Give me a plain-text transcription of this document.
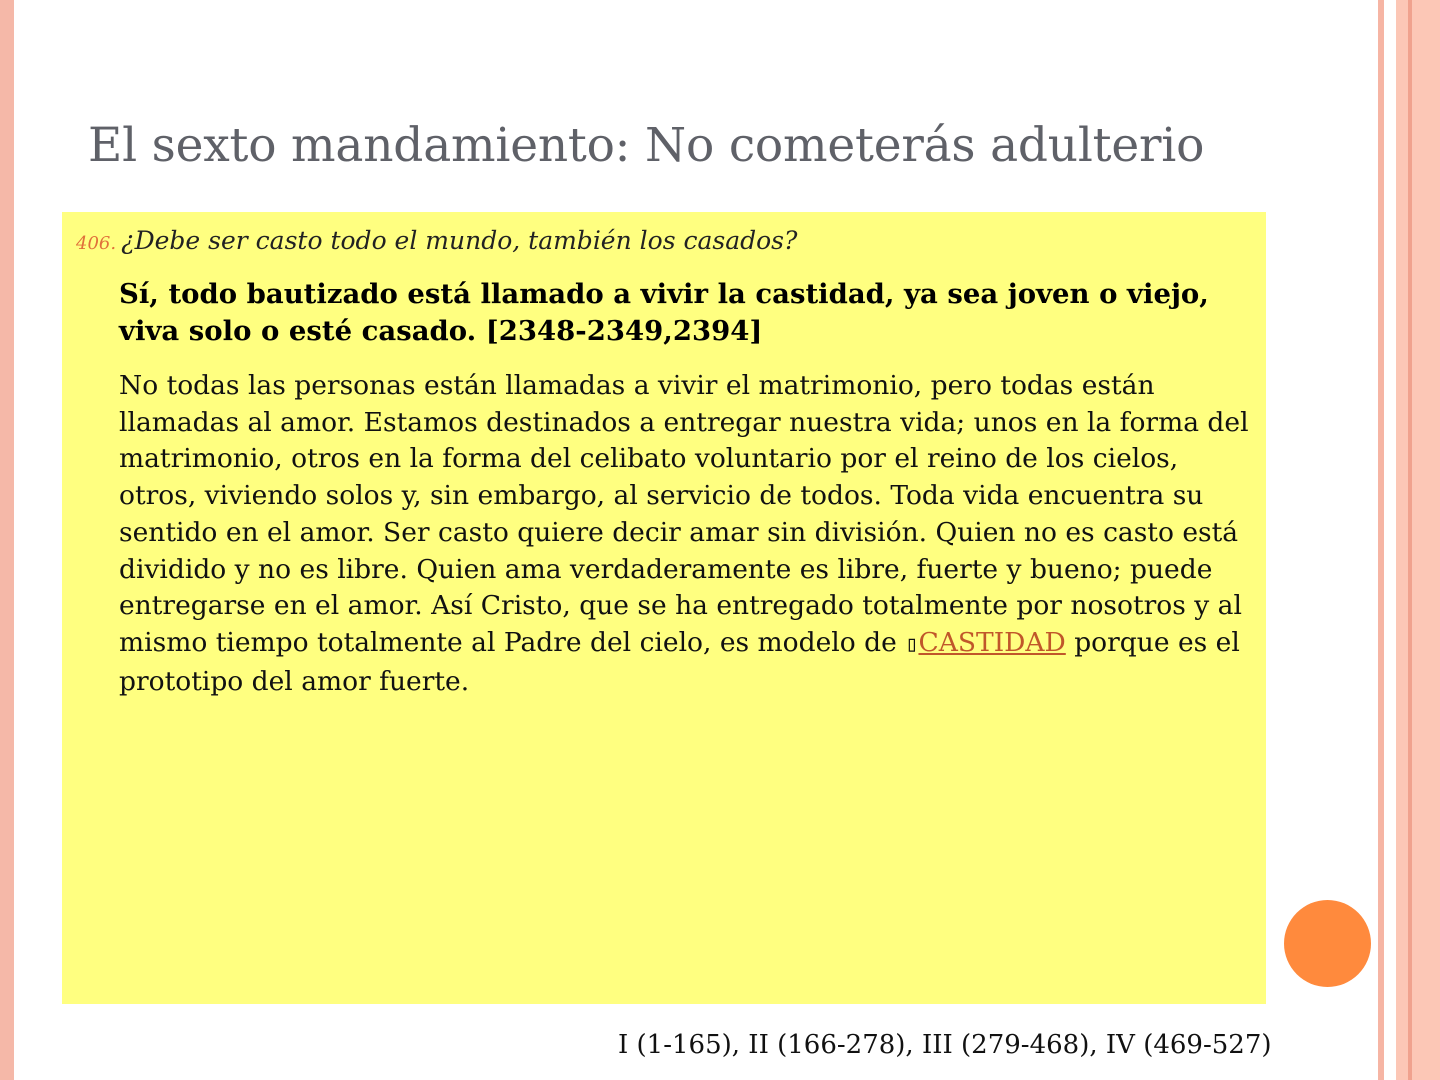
El sexto mandamiento: No cometerás adulterio
406. ¿Debe ser casto todo el mundo, también los casados?
Sí, todo bautizado está llamado a vivir la castidad, ya sea joven o viejo, viva solo o esté casado. [2348-2349,2394]
No todas las personas están llamadas a vivir el matrimonio, pero todas están llamadas al amor. Estamos destinados a entregar nuestra vida; unos en la forma del matrimonio, otros en la forma del celibato voluntario por el reino de los cielos, otros, viviendo solos y, sin embargo, al servicio de todos. Toda vida encuentra su sentido en el amor. Ser casto quiere decir amar sin división. Quien no es casto está dividido y no es libre. Quien ama verdaderamente es libre, fuerte y bueno; puede entregarse en el amor. Así Cristo, que se ha entregado totalmente por nosotros y al mismo tiempo totalmente al Padre del cielo, es modelo de ▯CASTIDAD porque es el prototipo del amor fuerte.
I (1-165), II (166-278), III (279-468), IV (469-527)
